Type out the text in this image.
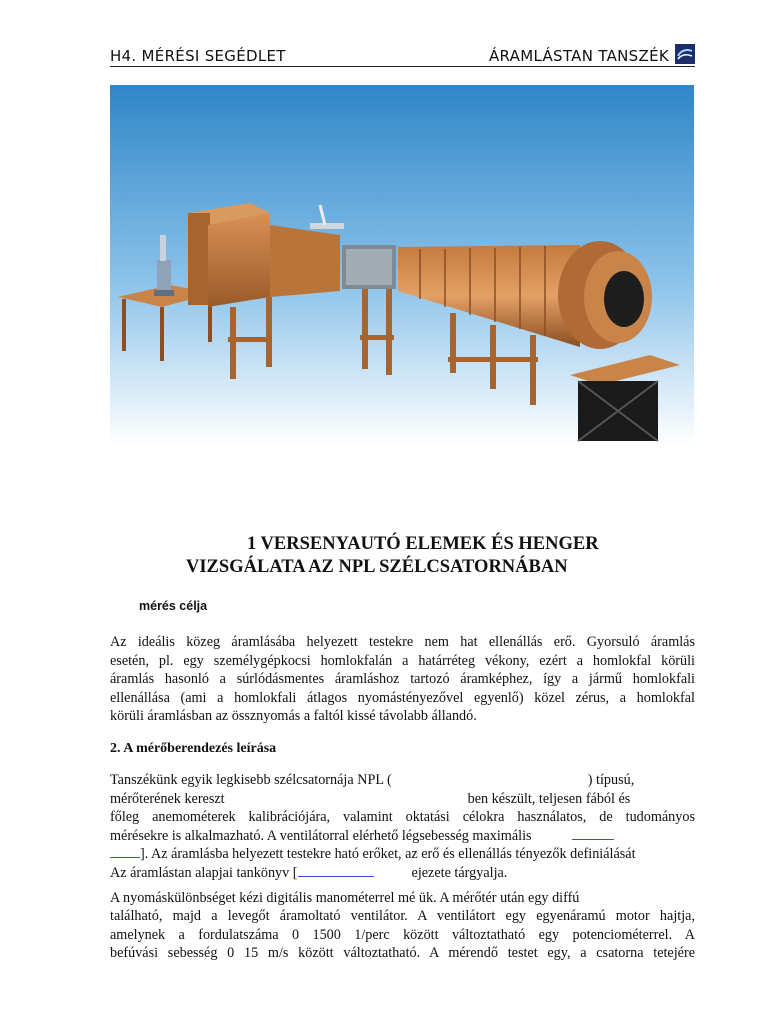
H4. MÉRÉSI SEGÉDLET	ÁRAMLÁSTAN TANSZÉK
1 VERSENYAUTÓ ELEMEK ÉS HENGER
VIZSGÁLATA AZ NPL SZÉLCSATORNÁBAN
mérés célja
Az ideális közeg áramlásába helyezett testekre nem hat ellenállás erő. Gyorsuló áramlás
esetén, pl. egy személygépkocsi homlokfalán a határréteg vékony, ezért a homlokfal körüli
áramlás hasonló a súrlódásmentes áramláshoz tartozó áramképhez, így a jármű homlokfali
ellenállása (ami a homlokfali átlagos nyomástényezővel egyenlő) közel zérus, a homlokfal
körüli áramlásban az össznyomás a faltól kissé távolabb állandó.
2. A mérőberendezés leírása
Tanszékünk egyik legkisebb szélcsatornája NPL (	) típusú,
mérőterének kereszt	ben készült, teljesen fából és
főleg anemométerek kalibrációjára, valamint oktatási célokra használatos, de tudományos
mérésekre is alkalmazható. A ventilátorral elérhető légsebesség maximális
]. Az áramlásba helyezett testekre ható erőket, az erő és ellenállás tényezők definiálását
Az áramlástan alapjai tankönyv [	ejezete tárgyalja.
A nyomáskülönbséget kézi digitális manométerrel mé ük. A mérőtér után egy diffú
található, majd a levegőt áramoltató ventilátor. A ventilátort egy egyenáramú motor hajtja,
amelynek a fordulatszáma 0 1500 1/perc között változtatható egy potenciométerrel. A
befúvási sebesség 0 15 m/s között változtatható. A mérendő testet egy, a csatorna tetejére
